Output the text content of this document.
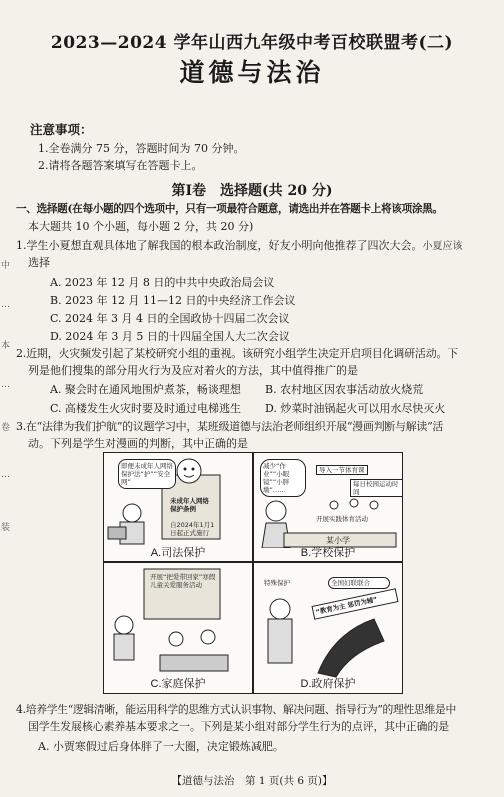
2023—2024 学年山西九年级中考百校联盟考(二)
道德与法治
注意事项：
1.全卷满分 75 分，答题时间为 70 分钟。
2.请将各题答案填写在答题卡上。
第Ⅰ卷　选择题(共 20 分)
一、选择题(在每小题的四个选项中，只有一项最符合题意，请选出并在答题卡上将该项涂黑。
本大题共 10 个小题，每小题 2 分，共 20 分)
1.学生小夏想直观具体地了解我国的根本政治制度，好友小明向他推荐了四次大会。小夏应该
选择
A. 2023 年 12 月 8 日的中共中央政治局会议
B. 2023 年 12 月 11—12 日的中央经济工作会议
C. 2024 年 3 月 4 日的全国政协十四届二次会议
D. 2024 年 3 月 5 日的十四届全国人大二次会议
2.近期，火灾频发引起了某校研究小组的重视。该研究小组学生决定开启项目化调研活动。下
列是他们搜集的部分用火行为及应对着火的方法，其中值得推广的是
A. 聚会时在通风地围炉煮茶，畅谈理想 B. 农村地区因农事活动放火烧荒
C. 高楼发生火灾时要及时通过电梯逃生 D. 炒菜时油锅起火可以用水尽快灭火
3.在“法律为我们护航”的议题学习中，某班级道德与法治老师组织开展“漫画判断与解读”活
动。下列是学生对漫画的判断，其中正确的是
即便未成年人网络保护法“护”“安全网”
未成年人网络保护条例
自2024年1月1日起正式施行
A.司法保护
减少“作业”“小眼镜”“小胖墩”……
导入一节体育课
每日校园运动时间
开展实践体育活动
某小学
B.学校保护
开展“把爱带回家”寒假儿童关爱服务活动
C.家庭保护
特殊保护	全国妇联联合
“教育为主 惩罚为辅”
D.政府保护
4.培养学生“逻辑清晰，能运用科学的思维方式认识事物、解决问题、指导行为”的理性思维是中
国学生发展核心素养基本要求之一。下列是某小组对部分学生行为的点评，其中正确的是
A. 小贾寒假过后身体胖了一大圈，决定锻炼减肥。
中
…
本
…
卷
…
装
【道德与法治　第 1 页(共 6 页)】
